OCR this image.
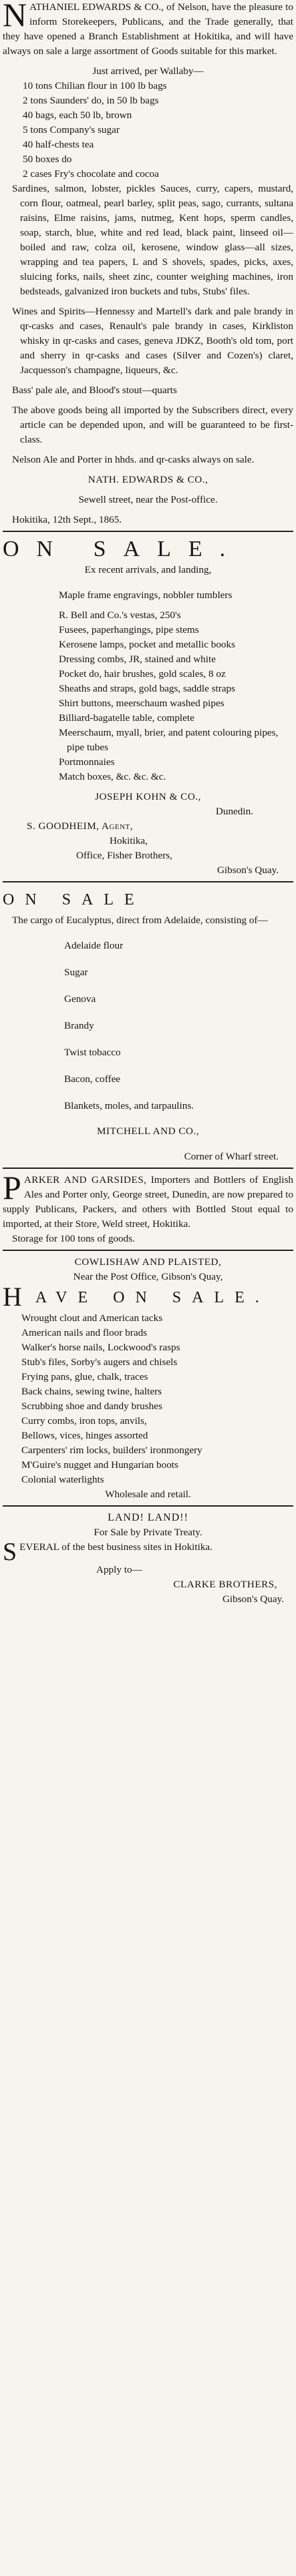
NATHANIEL EDWARDS & CO., of Nelson, have the pleasure to inform Storekeepers, Publicans, and the Trade generally, that they have opened a Branch Establishment at Hokitika, and will have always on sale a large assortment of Goods suitable for this market.

Just arrived, per Wallaby—

10 tons Chilian flour in 100 lb bags

2 tons Saunders' do, in 50 lb bags

40 bags, each 50 lb, brown

5 tons Company's sugar

40 half-chests tea

50 boxes do

2 cases Fry's chocolate and cocoa

Sardines, salmon, lobster, pickles Sauces, curry, capers, mustard, corn flour, oatmeal, pearl barley, split peas, sago, currants, sultana raisins, Elme raisins, jams, nutmeg, Kent hops, sperm candles, soap, starch, blue, white and red lead, black paint, linseed oil—boiled and raw, colza oil, kerosene, window glass—all sizes, wrapping and tea papers, L and S shovels, spades, picks, axes, sluicing forks, nails, sheet zinc, counter weighing machines, iron bedsteads, galvanized iron buckets and tubs, Stubs' files.

Wines and Spirits—Hennessy and Martell's dark and pale brandy in qr-casks and cases, Renault's pale brandy in cases, Kirkliston whisky in qr-casks and cases, geneva JDKZ, Booth's old tom, port and sherry in qr-casks and cases (Silver and Cozen's) claret, Jacquesson's champagne, liqueurs, &c.

Bass' pale ale, and Blood's stout—quarts

The above goods being all imported by the Subscribers direct, every article can be depended upon, and will be guaranteed to be first-class.

Nelson Ale and Porter in hhds. and qr-casks always on sale.

NATH. EDWARDS & CO.,

Sewell street, near the Post-office.

Hokitika, 12th Sept., 1865.

ON SALE.

Ex recent arrivals, and landing,

Maple frame engravings, nobbler tumblers

R. Bell and Co.'s vestas, 250's

Fusees, paperhangings, pipe stems

Kerosene lamps, pocket and metallic books

Dressing combs, JR, stained and white

Pocket do, hair brushes, gold scales, 8 oz

Sheaths and straps, gold bags, saddle straps

Shirt buttons, meerschaum washed pipes

Billiard-bagatelle table, complete

Meerschaum, myall, brier, and patent colouring pipes, pipe tubes

Portmonnaies

Match boxes, &c. &c. &c.

JOSEPH KOHN & CO.,

Dunedin.

S. GOODHEIM, Agent,

Hokitika,

Office, Fisher Brothers,

Gibson's Quay.

ON SALE

The cargo of Eucalyptus, direct from Adelaide, consisting of—

Adelaide flour

Sugar

Genova

Brandy

Twist tobacco

Bacon, coffee

Blankets, moles, and tarpaulins.

MITCHELL AND CO.,

Corner of Wharf street.

PARKER AND GARSIDES, Importers and Bottlers of English Ales and Porter only, George street, Dunedin, are now prepared to supply Publicans, Packers, and others with Bottled Stout equal to imported, at their Store, Weld street, Hokitika.

Storage for 100 tons of goods.

COWLISHAW AND PLAISTED,

Near the Post Office, Gibson's Quay,

HAVE ON SALE.

Wrought clout and American tacks

American nails and floor brads

Walker's horse nails, Lockwood's rasps

Stub's files, Sorby's augers and chisels

Frying pans, glue, chalk, traces

Back chains, sewing twine, halters

Scrubbing shoe and dandy brushes

Curry combs, iron tops, anvils,

Bellows, vices, hinges assorted

Carpenters' rim locks, builders' ironmongery

M'Guire's nugget and Hungarian boots

Colonial waterlights

Wholesale and retail.

LAND! LAND!!

For Sale by Private Treaty.

SEVERAL of the best business sites in Hokitika.

Apply to—

CLARKE BROTHERS,

Gibson's Quay.
